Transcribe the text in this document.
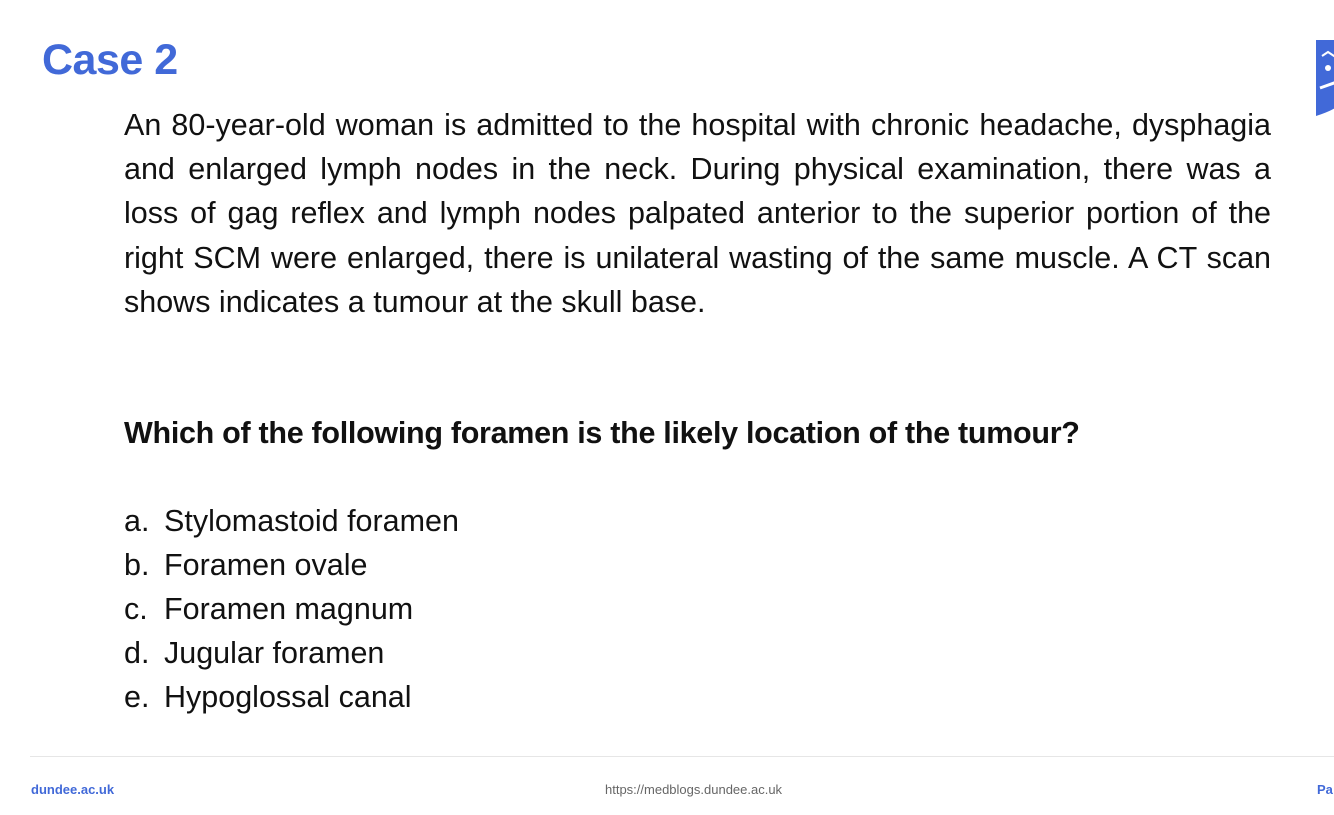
Case 2

An 80-year-old woman is admitted to the hospital with chronic headache, dysphagia and enlarged lymph nodes in the neck. During physical examination, there was a loss of gag reflex and lymph nodes palpated anterior to the superior portion of the right SCM were enlarged, there is unilateral wasting of the same muscle. A CT scan shows indicates a tumour at the skull base.

Which of the following foramen is the likely location of the tumour?

a. Stylomastoid foramen
b. Foramen ovale
c. Foramen magnum
d. Jugular foramen
e. Hypoglossal canal
dundee.ac.uk	https://medblogs.dundee.ac.uk	Pa
